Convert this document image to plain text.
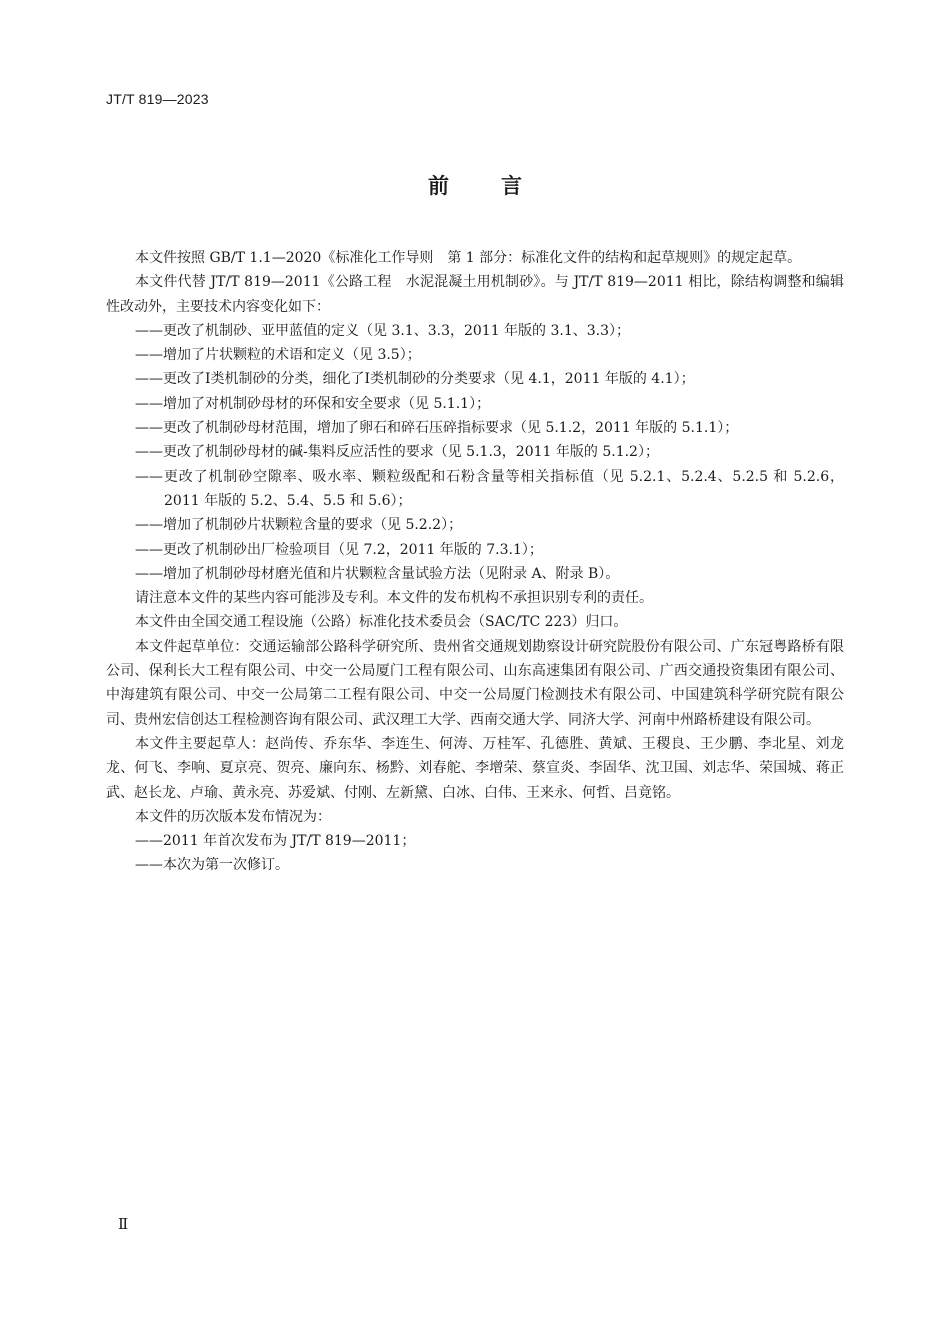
JT/T 819—2023
前言

本文件按照 GB/T 1.1—2020《标准化工作导则　第 1 部分：标准化文件的结构和起草规则》的规定起草。

本文件代替 JT/T 819—2011《公路工程　水泥混凝土用机制砂》。与 JT/T 819—2011 相比，除结构调整和编辑性改动外，主要技术内容变化如下：

——更改了机制砂、亚甲蓝值的定义（见 3.1、3.3，2011 年版的 3.1、3.3）；

——增加了片状颗粒的术语和定义（见 3.5）；

——更改了Ⅰ类机制砂的分类，细化了Ⅰ类机制砂的分类要求（见 4.1，2011 年版的 4.1）；

——增加了对机制砂母材的环保和安全要求（见 5.1.1）；

——更改了机制砂母材范围，增加了卵石和碎石压碎指标要求（见 5.1.2，2011 年版的 5.1.1）；

——更改了机制砂母材的碱-集料反应活性的要求（见 5.1.3，2011 年版的 5.1.2）；

——更改了机制砂空隙率、吸水率、颗粒级配和石粉含量等相关指标值（见 5.2.1、5.2.4、5.2.5 和 5.2.6，2011 年版的 5.2、5.4、5.5 和 5.6）；

——增加了机制砂片状颗粒含量的要求（见 5.2.2）；

——更改了机制砂出厂检验项目（见 7.2，2011 年版的 7.3.1）；

——增加了机制砂母材磨光值和片状颗粒含量试验方法（见附录 A、附录 B）。

请注意本文件的某些内容可能涉及专利。本文件的发布机构不承担识别专利的责任。

本文件由全国交通工程设施（公路）标准化技术委员会（SAC/TC 223）归口。

本文件起草单位：交通运输部公路科学研究所、贵州省交通规划勘察设计研究院股份有限公司、广东冠粤路桥有限公司、保利长大工程有限公司、中交一公局厦门工程有限公司、山东高速集团有限公司、广西交通投资集团有限公司、中海建筑有限公司、中交一公局第二工程有限公司、中交一公局厦门检测技术有限公司、中国建筑科学研究院有限公司、贵州宏信创达工程检测咨询有限公司、武汉理工大学、西南交通大学、同济大学、河南中州路桥建设有限公司。

本文件主要起草人：赵尚传、乔东华、李连生、何涛、万桂军、孔德胜、黄斌、王稷良、王少鹏、李北星、刘龙龙、何飞、李响、夏京亮、贺亮、廉向东、杨黔、刘春舵、李增荣、蔡宣炎、李固华、沈卫国、刘志华、荣国城、蒋正武、赵长龙、卢瑜、黄永亮、苏爱斌、付刚、左新黛、白冰、白伟、王来永、何哲、吕竟铭。

本文件的历次版本发布情况为：

——2011 年首次发布为 JT/T 819—2011；

——本次为第一次修订。

Ⅱ
